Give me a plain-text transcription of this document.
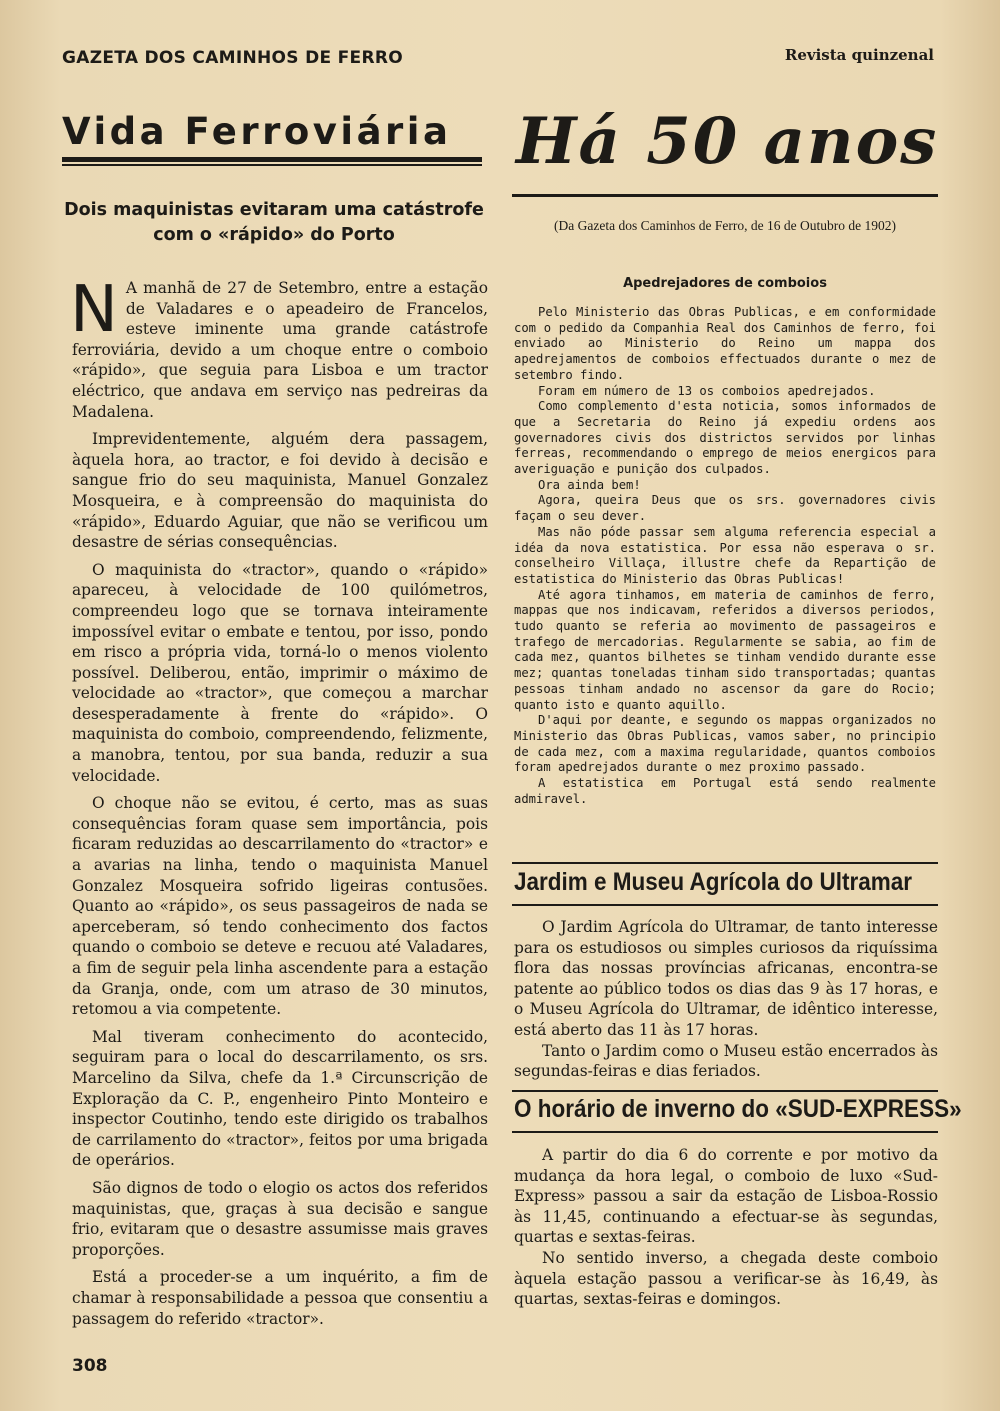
GAZETA DOS CAMINHOS DE FERRO	Revista quinzenal
Vida Ferroviária
Dois maquinistas evitaram uma catástrofe com o «rápido» do Porto

N A manhã de 27 de Setembro, entre a estação de Valadares e o apeadeiro de Francelos, esteve iminente uma grande catástrofe ferroviária, devido a um choque entre o comboio «rápido», que seguia para Lisboa e um tractor eléctrico, que andava em serviço nas pedreiras da Madalena.

Imprevidentemente, alguém dera passagem, àquela hora, ao tractor, e foi devido à decisão e sangue frio do seu maquinista, Manuel Gonzalez Mosqueira, e à compreensão do maquinista do «rápido», Eduardo Aguiar, que não se verificou um desastre de sérias consequências.

O maquinista do «tractor», quando o «rápido» apareceu, à velocidade de 100 quilómetros, compreendeu logo que se tornava inteiramente impossível evitar o embate e tentou, por isso, pondo em risco a própria vida, torná-lo o menos violento possível. Deliberou, então, imprimir o máximo de velocidade ao «tractor», que começou a marchar desesperadamente à frente do «rápido». O maquinista do comboio, compreendendo, felizmente, a manobra, tentou, por sua banda, reduzir a sua velocidade.

O choque não se evitou, é certo, mas as suas consequências foram quase sem importância, pois ficaram reduzidas ao descarrilamento do «tractor» e a avarias na linha, tendo o maquinista Manuel Gonzalez Mosqueira sofrido ligeiras contusões. Quanto ao «rápido», os seus passageiros de nada se aperceberam, só tendo conhecimento dos factos quando o comboio se deteve e recuou até Valadares, a fim de seguir pela linha ascendente para a estação da Granja, onde, com um atraso de 30 minutos, retomou a via competente.

Mal tiveram conhecimento do acontecido, seguiram para o local do descarrilamento, os srs. Marcelino da Silva, chefe da 1.ª Circunscrição de Exploração da C. P., engenheiro Pinto Monteiro e inspector Coutinho, tendo este dirigido os trabalhos de carrilamento do «tractor», feitos por uma brigada de operários.

São dignos de todo o elogio os actos dos referidos maquinistas, que, graças à sua decisão e sangue frio, evitaram que o desastre assumisse mais graves proporções.

Está a proceder-se a um inquérito, a fim de chamar à responsabilidade a pessoa que consentiu a passagem do referido «tractor».

Há 50 anos
(Da Gazeta dos Caminhos de Ferro, de 16 de Outubro de 1902)
Apedrejadores de comboios

Pelo Ministerio das Obras Publicas, e em conformidade com o pedido da Companhia Real dos Caminhos de ferro, foi enviado ao Ministerio do Reino um mappa dos apedrejamentos de comboios effectuados durante o mez de setembro findo.

Foram em número de 13 os comboios apedrejados.

Como complemento d'esta noticia, somos informados de que a Secretaria do Reino já expediu ordens aos governadores civis dos districtos servidos por linhas ferreas, recommendando o emprego de meios energicos para averiguação e punição dos culpados.

Ora ainda bem!

Agora, queira Deus que os srs. governadores civis façam o seu dever.

Mas não póde passar sem alguma referencia especial a idéa da nova estatistica. Por essa não esperava o sr. conselheiro Villaça, illustre chefe da Repartição de estatistica do Ministerio das Obras Publicas!

Até agora tinhamos, em materia de caminhos de ferro, mappas que nos indicavam, referidos a diversos periodos, tudo quanto se referia ao movimento de passageiros e trafego de mercadorias. Regularmente se sabia, ao fim de cada mez, quantos bilhetes se tinham vendido durante esse mez; quantas toneladas tinham sido transportadas; quantas pessoas tinham andado no ascensor da gare do Rocio; quanto isto e quanto aquillo.

D'aqui por deante, e segundo os mappas organizados no Ministerio das Obras Publicas, vamos saber, no principio de cada mez, com a maxima regularidade, quantos comboios foram apedrejados durante o mez proximo passado.

A estatistica em Portugal está sendo realmente admiravel.

Jardim e Museu Agrícola do Ultramar

O Jardim Agrícola do Ultramar, de tanto interesse para os estudiosos ou simples curiosos da riquíssima flora das nossas províncias africanas, encontra-se patente ao público todos os dias das 9 às 17 horas, e o Museu Agrícola do Ultramar, de idêntico interesse, está aberto das 11 às 17 horas.

Tanto o Jardim como o Museu estão encerrados às segundas-feiras e dias feriados.

O horário de inverno do «SUD-EXPRESS»

A partir do dia 6 do corrente e por motivo da mudança da hora legal, o comboio de luxo «Sud-Express» passou a sair da estação de Lisboa-Rossio às 11,45, continuando a efectuar-se às segundas, quartas e sextas-feiras.

No sentido inverso, a chegada deste comboio àquela estação passou a verificar-se às 16,49, às quartas, sextas-feiras e domingos.

308
